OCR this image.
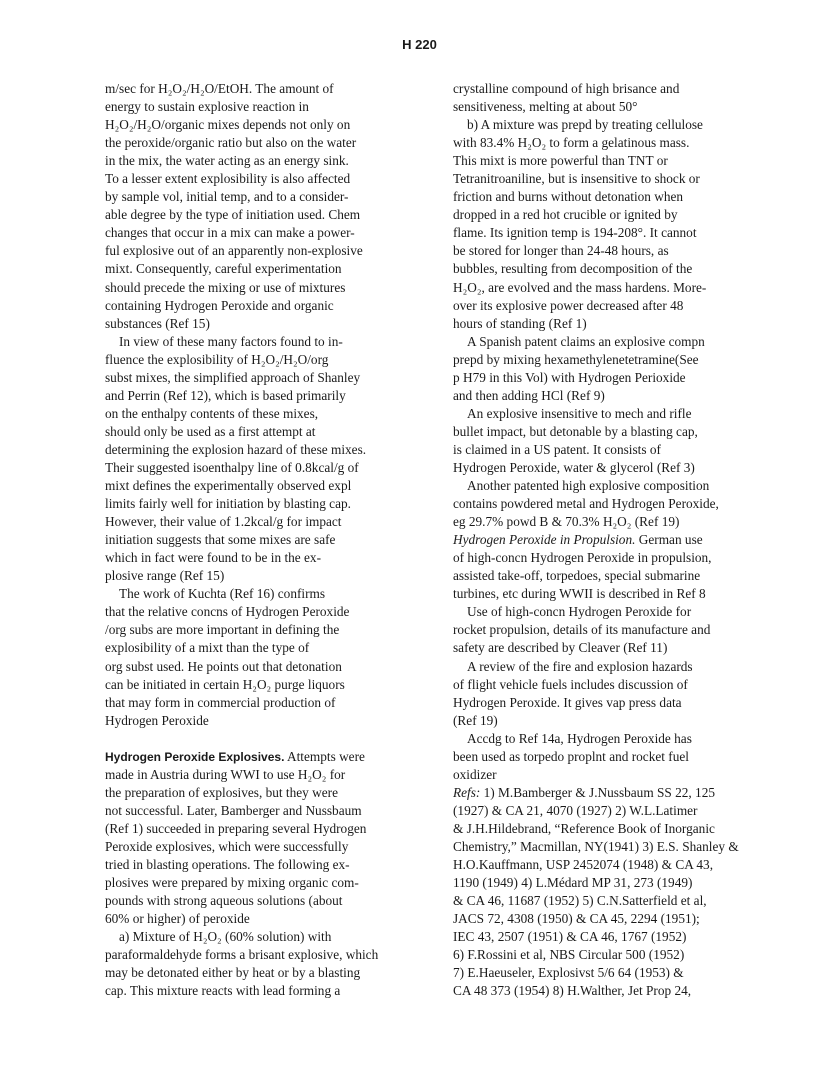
H 220
m/sec for H₂O₂/H₂O/EtOH. The amount of
energy to sustain explosive reaction in
H₂O₂/H₂O/organic mixes depends not only on
the peroxide/organic ratio but also on the water
in the mix, the water acting as an energy sink.
To a lesser extent explosibility is also affected
by sample vol, initial temp, and to a consider-
able degree by the type of initiation used. Chem
changes that occur in a mix can make a power-
ful explosive out of an apparently non-explosive
mixt. Consequently, careful experimentation
should precede the mixing or use of mixtures
containing Hydrogen Peroxide and organic
substances (Ref 15)
In view of these many factors found to in-
fluence the explosibility of H₂O₂/H₂O/org
subst mixes, the simplified approach of Shanley
and Perrin (Ref 12), which is based primarily
on the enthalpy contents of these mixes,
should only be used as a first attempt at
determining the explosion hazard of these mixes.
Their suggested isoenthalpy line of 0.8kcal/g of
mixt defines the experimentally observed expl
limits fairly well for initiation by blasting cap.
However, their value of 1.2kcal/g for impact
initiation suggests that some mixes are safe
which in fact were found to be in the ex-
plosive range (Ref 15)
The work of Kuchta (Ref 16) confirms
that the relative concns of Hydrogen Peroxide
/org subs are more important in defining the
explosibility of a mixt than the type of
org subst used. He points out that detonation
can be initiated in certain H₂O₂ purge liquors
that may form in commercial production of
Hydrogen Peroxide
Hydrogen Peroxide Explosives. Attempts were
made in Austria during WWI to use H₂O₂ for
the preparation of explosives, but they were
not successful. Later, Bamberger and Nussbaum
(Ref 1) succeeded in preparing several Hydrogen
Peroxide explosives, which were successfully
tried in blasting operations. The following ex-
plosives were prepared by mixing organic com-
pounds with strong aqueous solutions (about
60% or higher) of peroxide
a) Mixture of H₂O₂ (60% solution) with
paraformaldehyde forms a brisant explosive, which
may be detonated either by heat or by a blasting
cap. This mixture reacts with lead forming a
crystalline compound of high brisance and
sensitiveness, melting at about 50°
b) A mixture was prepd by treating cellulose
with 83.4% H₂O₂ to form a gelatinous mass.
This mixt is more powerful than TNT or
Tetranitroaniline, but is insensitive to shock or
friction and burns without detonation when
dropped in a red hot crucible or ignited by
flame. Its ignition temp is 194-208°. It cannot
be stored for longer than 24-48 hours, as
bubbles, resulting from decomposition of the
H₂O₂, are evolved and the mass hardens. More-
over its explosive power decreased after 48
hours of standing (Ref 1)
A Spanish patent claims an explosive compn
prepd by mixing hexamethylenetetramine(See
p H79 in this Vol) with Hydrogen Perioxide
and then adding HCl (Ref 9)
An explosive insensitive to mech and rifle
bullet impact, but detonable by a blasting cap,
is claimed in a US patent. It consists of
Hydrogen Peroxide, water & glycerol (Ref 3)
Another patented high explosive composition
contains powdered metal and Hydrogen Peroxide,
eg 29.7% powd B & 70.3% H₂O₂ (Ref 19)
Hydrogen Peroxide in Propulsion. German use
of high-concn Hydrogen Peroxide in propulsion,
assisted take-off, torpedoes, special submarine
turbines, etc during WWII is described in Ref 8
Use of high-concn Hydrogen Peroxide for
rocket propulsion, details of its manufacture and
safety are described by Cleaver (Ref 11)
A review of the fire and explosion hazards
of flight vehicle fuels includes discussion of
Hydrogen Peroxide. It gives vap press data
(Ref 19)
Accdg to Ref 14a, Hydrogen Peroxide has
been used as torpedo proplnt and rocket fuel
oxidizer
Refs: 1) M.Bamberger & J.Nussbaum SS 22, 125
(1927) & CA 21, 4070 (1927) 2) W.L.Latimer
& J.H.Hildebrand, “Reference Book of Inorganic
Chemistry,” Macmillan, NY(1941) 3) E.S. Shanley &
H.O.Kauffmann, USP 2452074 (1948) & CA 43,
1190 (1949) 4) L.Médard MP 31, 273 (1949)
& CA 46, 11687 (1952) 5) C.N.Satterfield et al,
JACS 72, 4308 (1950) & CA 45, 2294 (1951);
IEC 43, 2507 (1951) & CA 46, 1767 (1952)
6) F.Rossini et al, NBS Circular 500 (1952)
7) E.Haeuseler, Explosivst 5/6 64 (1953) &
CA 48 373 (1954) 8) H.Walther, Jet Prop 24,
